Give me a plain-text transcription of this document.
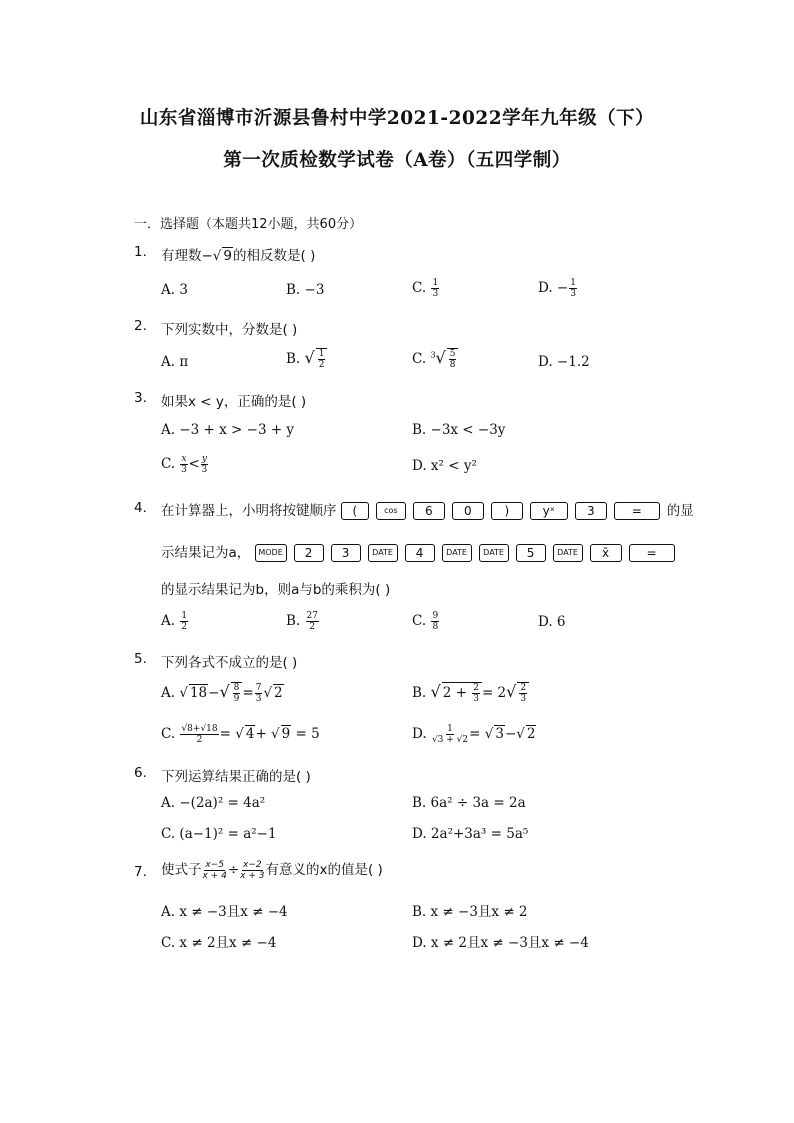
山东省淄博市沂源县鲁村中学2021-2022学年九年级（下）
第一次质检数学试卷（A卷）（五四学制）
一．选择题（本题共12小题，共60分）
1. 有理数−√ 9的相反数是( )
A. 3	B. −3	C. $\frac{1}{3}$	D. − $\frac{1}{3}$
2. 下列实数中，分数是( )
A. π	B. √ $\frac{1}{2}$	C. $^3√ \frac{5}{8}$	D. −1.2
3. 如果x < y，正确的是( )
A. −3 + x > −3 + y	B. −3x < −3y
C. $\frac{x}{3} < \frac{y}{3}$	D. x² < y²
4. 在计算器上，小明将按键顺序 (	cos 6	0	)	yˣ	3	= 的显
示结果记为a， MODE 2 3	DATE 4	DATE DATE 5	DATE x̄	=
的显示结果记为b，则a与b的乘积为( )
A. $\frac{1}{2}$	B. $\frac{27}{2}$	C. $\frac{9}{8}$	D. 6
5. 下列各式不成立的是( )
A. √ $18-√ \frac{8}{9} = \frac{7}{3}$ √ 2	B. √ $2 + \frac{2}{3} = 2√ \frac{2}{3}$
C. $\frac{√8+√18}{2}$ = √ 4+ √ 9 = 5	D. $\frac{1}{√3 + √2}$ = √ 3−√ 2
6. 下列运算结果正确的是( )
A. −(2a)² = 4a²	B. 6a² ÷ 3a = 2a
C. (a−1)² = a²−1	D. 2a²+3a³ = 5a⁵
7. 使式子 $\frac{x-5}{x + 4} \div \frac{x-2}{x + 3}$ 有意义的x的值是( )
A. x ≠ −3且x ≠ −4	B. x ≠ −3且x ≠ 2
C. x ≠ 2且x ≠ −4	D. x ≠ 2且x ≠ −3且x ≠ −4
